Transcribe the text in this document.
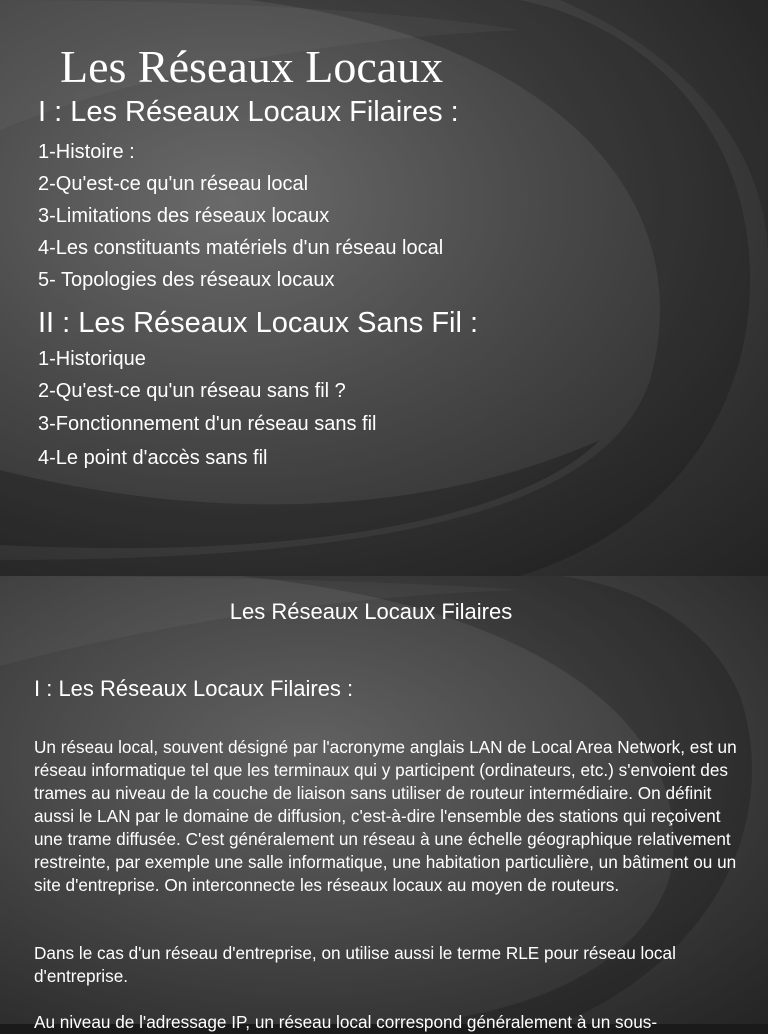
Les Réseaux Locaux
I : Les Réseaux Locaux Filaires :
1-Histoire :
2-Qu'est-ce qu'un réseau local
3-Limitations des réseaux locaux
4-Les constituants matériels d'un réseau local
5- Topologies des réseaux locaux
II : Les Réseaux Locaux Sans Fil :
1-Historique
2-Qu'est-ce qu'un réseau sans fil ?
3-Fonctionnement d'un réseau sans fil
4-Le point d'accès sans fil
Les Réseaux Locaux Filaires
I : Les Réseaux Locaux Filaires :

Un réseau local, souvent désigné par l'acronyme anglais LAN de Local Area Network, est un réseau informatique tel que les terminaux qui y participent (ordinateurs, etc.) s'envoient des trames au niveau de la couche de liaison sans utiliser de routeur intermédiaire. On définit aussi le LAN par le domaine de diffusion, c'est-à-dire l'ensemble des stations qui reçoivent une trame diffusée. C'est généralement un réseau à une échelle géographique relativement restreinte, par exemple une salle informatique, une habitation particulière, un bâtiment ou un site d'entreprise. On interconnecte les réseaux locaux au moyen de routeurs.

Dans le cas d'un réseau d'entreprise, on utilise aussi le terme RLE pour réseau local d'entreprise.

Au niveau de l'adressage IP, un réseau local correspond généralement à un sous-
